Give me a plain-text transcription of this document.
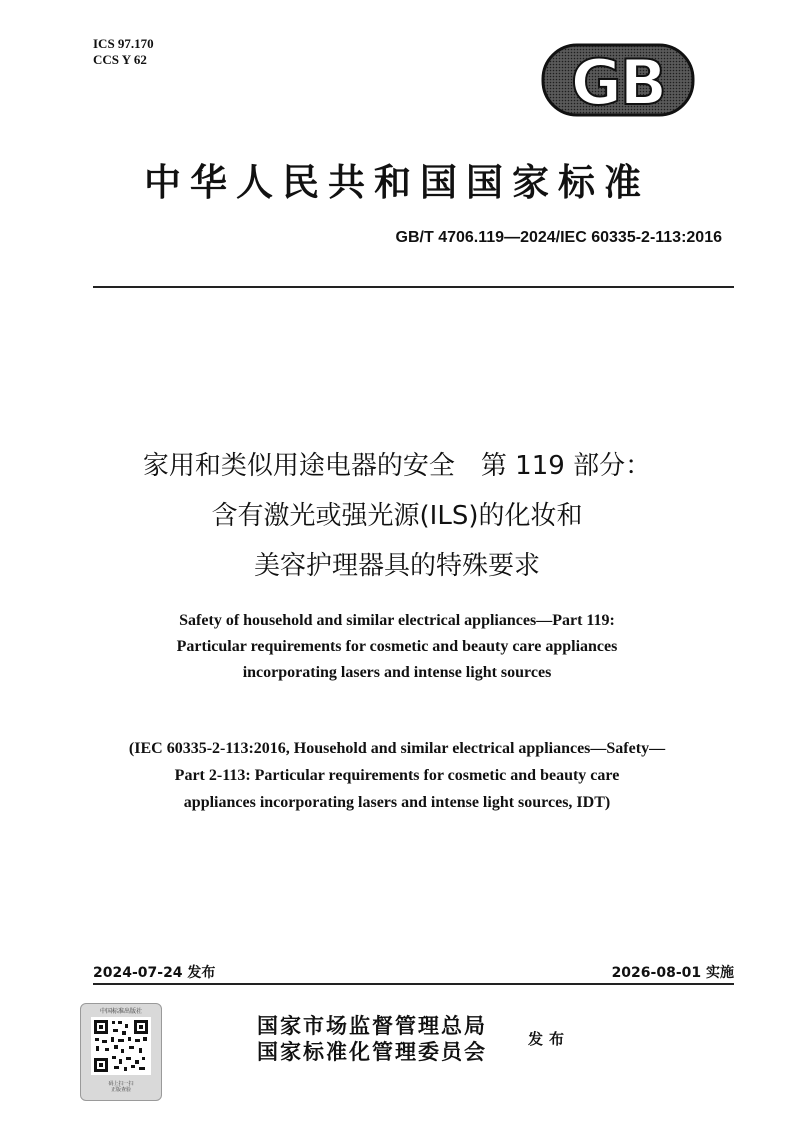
ICS 97.170
CCS Y 62	GB
中华人民共和国国家标准
GB/T 4706.119—2024/IEC 60335-2-113:2016
家用和类似用途电器的安全　第 119 部分：
含有激光或强光源(ILS)的化妆和
美容护理器具的特殊要求
Safety of household and similar electrical appliances—Part 119:
Particular requirements for cosmetic and beauty care appliances
incorporating lasers and intense light sources
(IEC 60335-2-113:2016, Household and similar electrical appliances—Safety—
Part 2-113: Particular requirements for cosmetic and beauty care
appliances incorporating lasers and intense light sources, IDT)
2024-07-24 发布	2026-08-01 实施
中国标准出版社
码上扫一扫
正版查验
国家市场监督管理总局
国家标准化管理委员会
发布
